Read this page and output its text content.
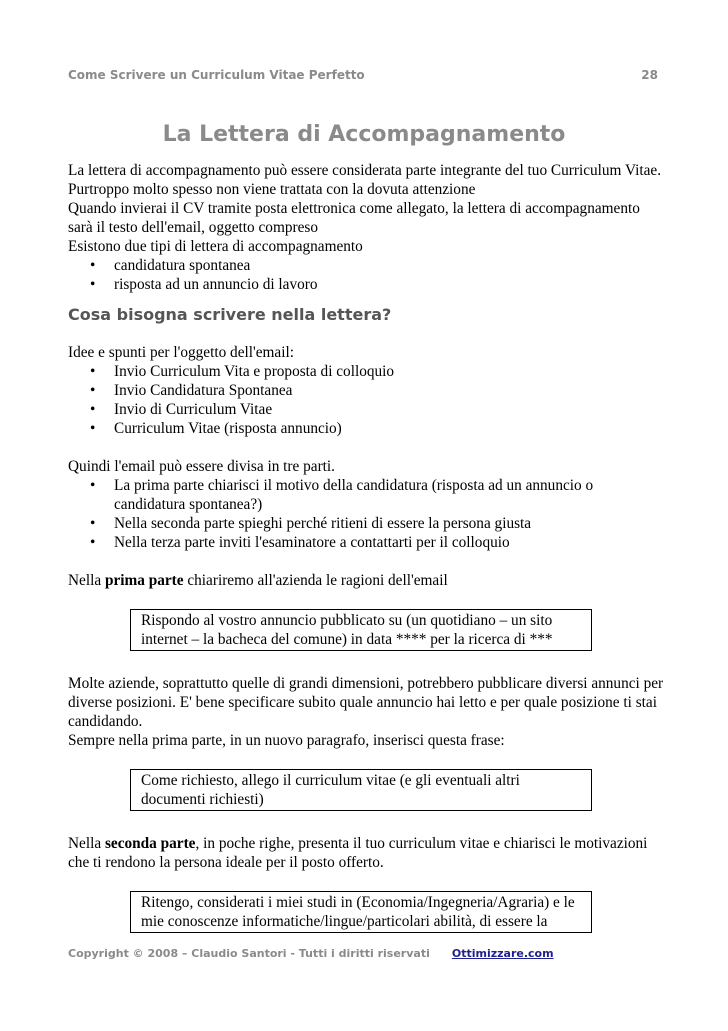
Come Scrivere un Curriculum Vitae Perfetto	28
La Lettera di Accompagnamento

La lettera di accompagnamento può essere considerata parte integrante del tuo Curriculum Vitae. Purtroppo molto spesso non viene trattata con la dovuta attenzione

Quando invierai il CV tramite posta elettronica come allegato, la lettera di accompagnamento sarà il testo dell'email, oggetto compreso

Esistono due tipi di lettera di accompagnamento

• candidatura spontanea
• risposta ad un annuncio di lavoro
Cosa bisogna scrivere nella lettera?

Idee e spunti per l'oggetto dell'email:

• Invio Curriculum Vita e proposta di colloquio
• Invio Candidatura Spontanea
• Invio di Curriculum Vitae
• Curriculum Vitae (risposta annuncio)

Quindi l'email può essere divisa in tre parti.

• La prima parte chiarisci il motivo della candidatura (risposta ad un annuncio o candidatura spontanea?)
• Nella seconda parte spieghi perché ritieni di essere la persona giusta
• Nella terza parte inviti l'esaminatore a contattarti per il colloquio

Nella prima parte chiariremo all'azienda le ragioni dell'email

Rispondo al vostro annuncio pubblicato su (un quotidiano – un sito internet – la bacheca del comune) in data **** per la ricerca di ***

Molte aziende, soprattutto quelle di grandi dimensioni, potrebbero pubblicare diversi annunci per diverse posizioni. E' bene specificare subito quale annuncio hai letto e per quale posizione ti stai candidando.

Sempre nella prima parte, in un nuovo paragrafo, inserisci questa frase:

Come richiesto, allego il curriculum vitae (e gli eventuali altri documenti richiesti)

Nella seconda parte, in poche righe, presenta il tuo curriculum vitae e chiarisci le motivazioni che ti rendono la persona ideale per il posto offerto.

Ritengo, considerati i miei studi in (Economia/Ingegneria/Agraria) e le mie conoscenze informatiche/lingue/particolari abilità, di essere la
Copyright © 2008 – Claudio Santori - Tutti i diritti riservati Ottimizzare.com
